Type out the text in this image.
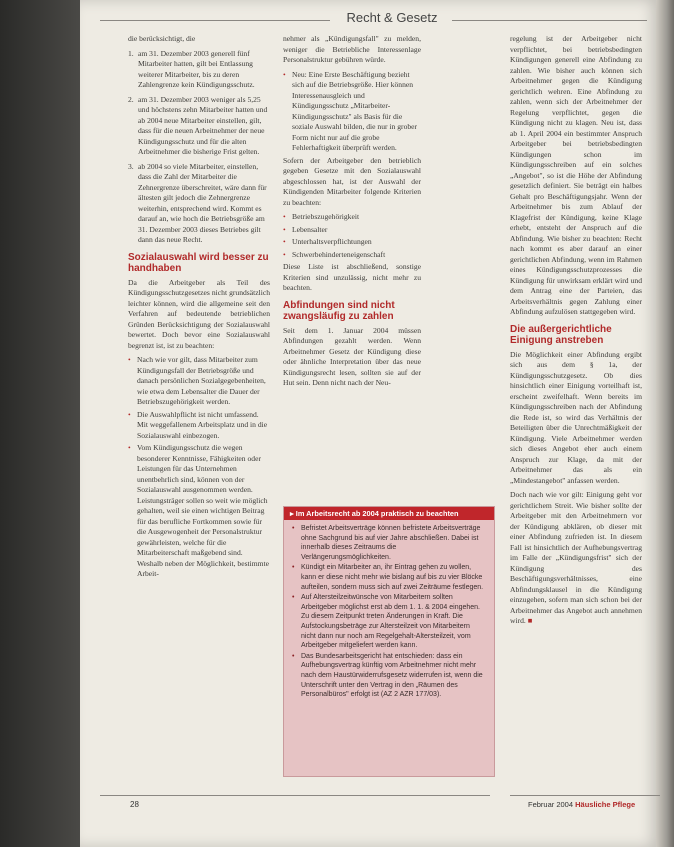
Recht & Gesetz

die berücksichtigt, die

1. am 31. Dezember 2003 generell fünf Mitarbeiter hatten, gilt bei Entlassung weiterer Mitarbeiter, bis zu deren Zahlengrenze kein Kündigungsschutz.
2. am 31. Dezember 2003 weniger als 5,25 und höchstens zehn Mitarbeiter hatten und ab 2004 neue Mitarbeiter einstellen, gilt, dass für die neuen Arbeitnehmer der neue Kündigungsschutz und für die alten Arbeitnehmer die bisherige Frist gelten.
3. ab 2004 so viele Mitarbeiter, einstellen, dass die Zahl der Mitarbeiter die Zehnergrenze überschreitet, wäre dann für ältesten gilt jedoch die Zehnergrenze weiterhin, entsprechend wird. Kommt es darauf an, wie hoch die Betriebsgröße am 31. Dezember 2003 dieses Betriebes gilt dann das neue Recht.
Sozialauswahl wird besser zu handhaben

Da die Arbeitgeber als Teil des Kündigungsschutzgesetzes nicht grundsätzlich leichter können, wird die allgemeine seit den Verfahren auf bedeutende betrieblichen Gründen Berücksichtigung der Sozialauswahl bewertet. Doch bevor eine Sozialauswahl begrenzt ist, ist zu beachten:

• Nach wie vor gilt, dass Mitarbeiter zum Kündigungsfall der Betriebsgröße und danach persönlichen Sozialgegebenheiten, wie etwa dem Lebensalter die Dauer der Betriebszugehörigkeit werden.
• Die Auswahlpflicht ist nicht umfassend. Mit weggefallenem Arbeitsplatz und in die Sozialauswahl einbezogen.
• Vom Kündigungsschutz die wegen besonderer Kenntnisse, Fähigkeiten oder Leistungen für das Unternehmen unentbehrlich sind, können von der Sozialauswahl ausgenommen werden. Leistungsträger sollen so weit wie möglich gehalten, weil sie einen wichtigen Beitrag für das berufliche Fortkommen sowie für die Ausgewogenheit der Personalstruktur gewährleisten, welche für die Mitarbeiterschaft maßgebend sind. Weshalb neben der Möglichkeit, bestimmte Arbeit-

nehmer als „Kündigungsfall" zu melden, weniger die Betriebliche Interessenlage Personalstruktur gebühren würde.

• Neu: Eine Erste Beschäftigung bezieht sich auf die Betriebsgröße. Hier können Interessenausgleich und Kündigungsschutz „Mitarbeiter-Kündigungsschutz" als Basis für die soziale Auswahl bilden, die nur in grober Form nicht nur auf die grobe Fehlerhaftigkeit überprüft werden.

Sofern der Arbeitgeber den betrieblich gegeben Gesetze mit den Sozialauswahl abgeschlossen hat, ist der Auswahl der Kündigenden Mitarbeiter folgende Kriterien zu beachten:

• Betriebszugehörigkeit
• Lebensalter
• Unterhaltsverpflichtungen
• Schwerbehinderteneigenschaft

Diese Liste ist abschließend, sonstige Kriterien sind unzulässig, nicht mehr zu beachten.

Abfindungen sind nicht zwangsläufig zu zahlen

Seit dem 1. Januar 2004 müssen Abfindungen gezahlt werden. Wenn Arbeitnehmer Gesetz der Kündigung diese oder ähnliche Interpretation über das neue Kündigungsrecht lesen, sollten sie auf der Hut sein. Denn nicht nach der Neu-

▸ Im Arbeitsrecht ab 2004 praktisch zu beachten
• Befristet Arbeitsverträge können befristete Arbeitsverträge ohne Sachgrund bis auf vier Jahre abschließen. Dabei ist innerhalb dieses Zeitraums die Verlängerungsmöglichkeiten.
• Kündigt ein Mitarbeiter an, ihr Eintrag gehen zu wollen, kann er diese nicht mehr wie bislang auf bis zu vier Blöcke aufteilen, sondern muss sich auf zwei Zeiträume festlegen.
• Auf Altersteilzeitwünsche von Mitarbeitern sollten Arbeitgeber möglichst erst ab dem 1. 1. & 2004 eingehen. Zu diesem Zeitpunkt treten Änderungen in Kraft. Die Aufstockungsbeträge zur Altersteilzeit von Mitarbeitern nicht dann nur noch am Regelgehalt-Altersteilzeit, vom Arbeitgeber mitgeliefert werden kann.
• Das Bundesarbeitsgericht hat entschieden: dass ein Aufhebungsvertrag künftig vom Arbeitnehmer nicht mehr nach dem Haustürwiderrufsgesetz widerrufen ist, wenn die Unterschrift unter den Vertrag in den „Räumen des Personalbüros" erfolgt ist (AZ 2 AZR 177/03).

regelung ist der Arbeitgeber nicht verpflichtet, bei betriebsbedingten Kündigungen generell eine Abfindung zu zahlen. Wie bisher auch können sich Arbeitnehmer gegen die Kündigung gerichtlich wehren. Eine Abfindung zu zahlen, wenn sich der Arbeitnehmer der Regelung verpflichtet, gegen die Kündigung nicht zu klagen. Neu ist, dass ab 1. April 2004 ein bestimmter Anspruch Arbeitgeber bei betriebsbedingten Kündigungen schon im Kündigungsschreiben auf ein solches „Angebot", so ist die Höhe der Abfindung gesetzlich definiert. Sie beträgt ein halbes Gehalt pro Beschäftigungsjahr. Wenn der Arbeitnehmer bis zum Ablauf der Klagefrist der Kündigung, keine Klage erhebt, entsteht der Anspruch auf die Abfindung. Wie bisher zu beachten: Recht nach kommt es aber darauf an einer gerichtlichen Abfindung, wenn im Rahmen eines Kündigungsschutzprozesses die Kündigung für unwirksam erklärt wird und dem Antrag eine der Parteien, das Arbeitsverhältnis gegen Zahlung einer Abfindung aufzulösen stattgegeben wird.

Die außergerichtliche Einigung anstreben

Die Möglichkeit einer Abfindung ergibt sich aus dem § 1a, der Kündigungsschutzgesetz. Ob dies hinsichtlich einer Einigung vorteilhaft ist, erscheint zweifelhaft. Wenn bereits im Kündigungsschreiben nach der Abfindung die Rede ist, so wird das Verhältnis der Beteiligten über die Unrechtmäßigkeit der Kündigung. Viele Arbeitnehmer werden sich dieses Angebot eher auch einem Anspruch zur Klage, da mit der Arbeitnehmer das als ein „Mindestangebot" anfassen werden.

Doch nach wie vor gilt: Einigung geht vor gerichtlichem Streit. Wie bisher sollte der Arbeitgeber mit den Arbeitnehmern vor der Kündigung abklären, ob dieser mit einer Abfindung zufrieden ist. In diesem Fall ist hinsichtlich der Aufhebungsvertrag im Falle der „Kündigungsfrist" sich der Kündigung des Beschäftigungsverhältnisses, eine Abfindungsklausel in die Kündigung einzugehen, sofern man sich schon bei der Arbeitnehmer das Angebot auch annehmen wird. ■

28	Februar 2004 Häusliche Pflege
